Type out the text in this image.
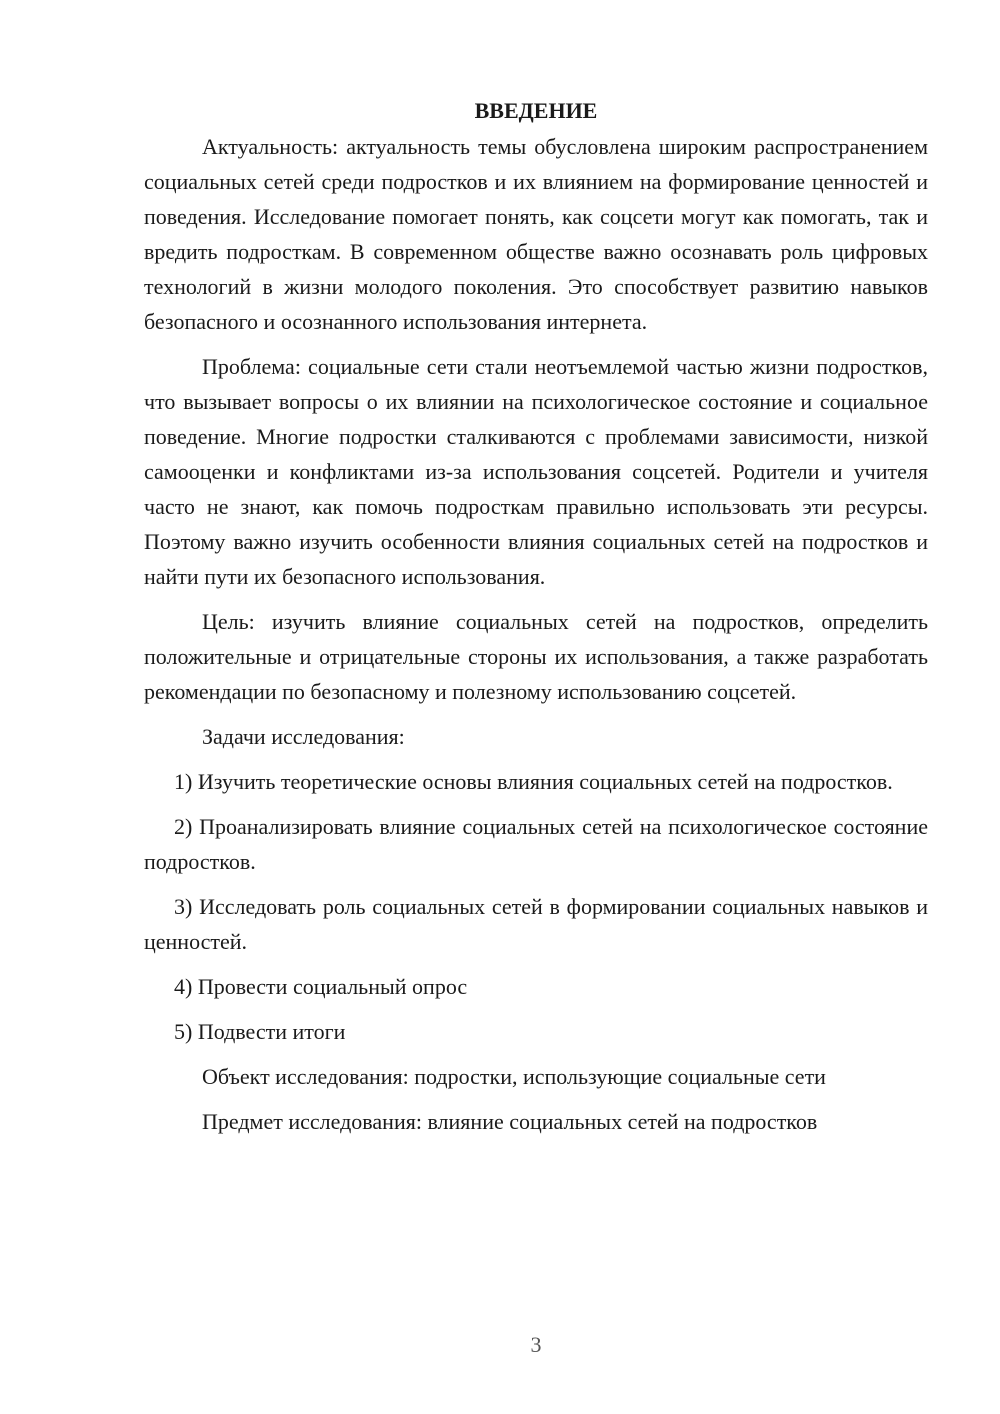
ВВЕДЕНИЕ

Актуальность: актуальность темы обусловлена широким распространением социальных сетей среди подростков и их влиянием на формирование ценностей и поведения. Исследование помогает понять, как соцсети могут как помогать, так и вредить подросткам. В современном обществе важно осознавать роль цифровых технологий в жизни молодого поколения. Это способствует развитию навыков безопасного и осознанного использования интернета.

Проблема: социальные сети стали неотъемлемой частью жизни подростков, что вызывает вопросы о их влиянии на психологическое состояние и социальное поведение. Многие подростки сталкиваются с проблемами зависимости, низкой самооценки и конфликтами из-за использования соцсетей. Родители и учителя часто не знают, как помочь подросткам правильно использовать эти ресурсы. Поэтому важно изучить особенности влияния социальных сетей на подростков и найти пути их безопасного использования.

Цель: изучить влияние социальных сетей на подростков, определить положительные и отрицательные стороны их использования, а также разработать рекомендации по безопасному и полезному использованию соцсетей.

Задачи исследования:

1) Изучить теоретические основы влияния социальных сетей на подростков.

2) Проанализировать влияние социальных сетей на психологическое состояние подростков.

3) Исследовать роль социальных сетей в формировании социальных навыков и ценностей.

4) Провести социальный опрос

5) Подвести итоги

Объект исследования: подростки, использующие социальные сети

Предмет исследования: влияние социальных сетей на подростков

3
